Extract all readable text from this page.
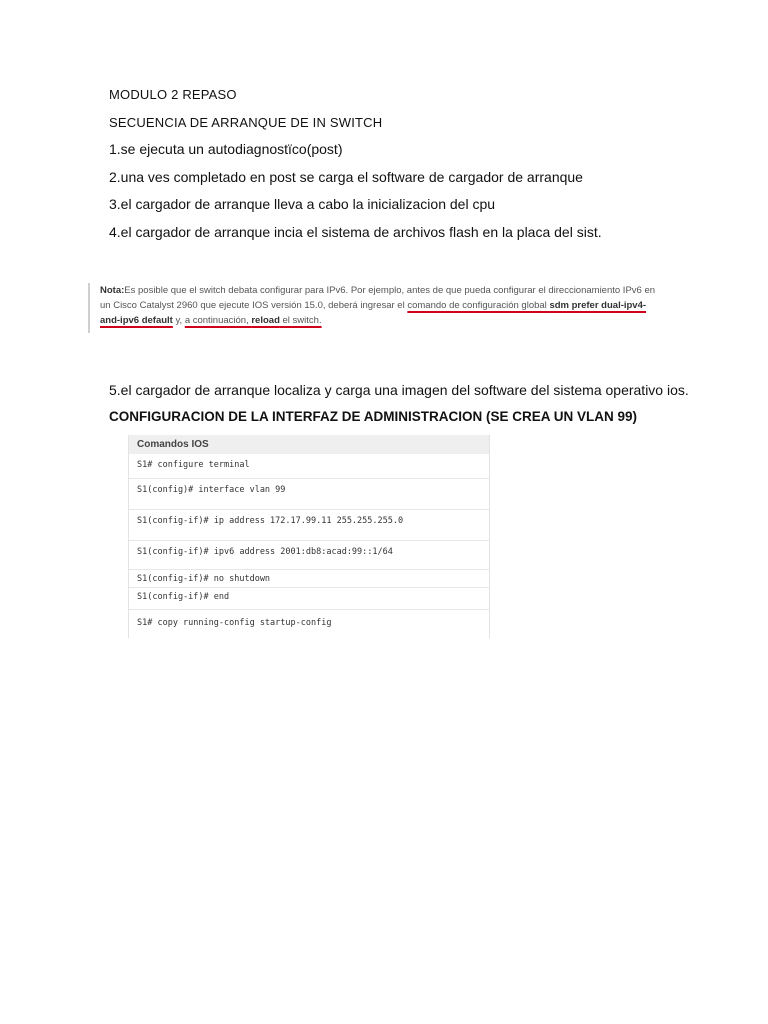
MODULO 2 REPASO
SECUENCIA DE ARRANQUE DE IN SWITCH
1.se ejecuta un autodiagnostïco(post)
2.una ves completado en post se carga el software de cargador de arranque
3.el cargador de arranque lleva a cabo la inicializacion del cpu
4.el cargador de arranque incia el sistema de archivos flash en la placa del sist.
Nota:Es posible que el switch debata configurar para IPv6. Por ejemplo, antes de que pueda configurar el direccionamiento IPv6 en un Cisco Catalyst 2960 que ejecute IOS versión 15.0, deberá ingresar el comando de configuración global sdm prefer dual-ipv4-and-ipv6 default y, a continuación, reload el switch.
5.el cargador de arranque localiza y carga una imagen del software del sistema operativo ios.
CONFIGURACION DE LA INTERFAZ DE ADMINISTRACION (SE CREA UN VLAN 99)
Comandos IOS
S1# configure terminal
S1(config)# interface vlan 99
S1(config-if)# ip address 172.17.99.11 255.255.255.0
S1(config-if)# ipv6 address 2001:db8:acad:99::1/64
S1(config-if)# no shutdown
S1(config-if)# end
S1# copy running-config startup-config
